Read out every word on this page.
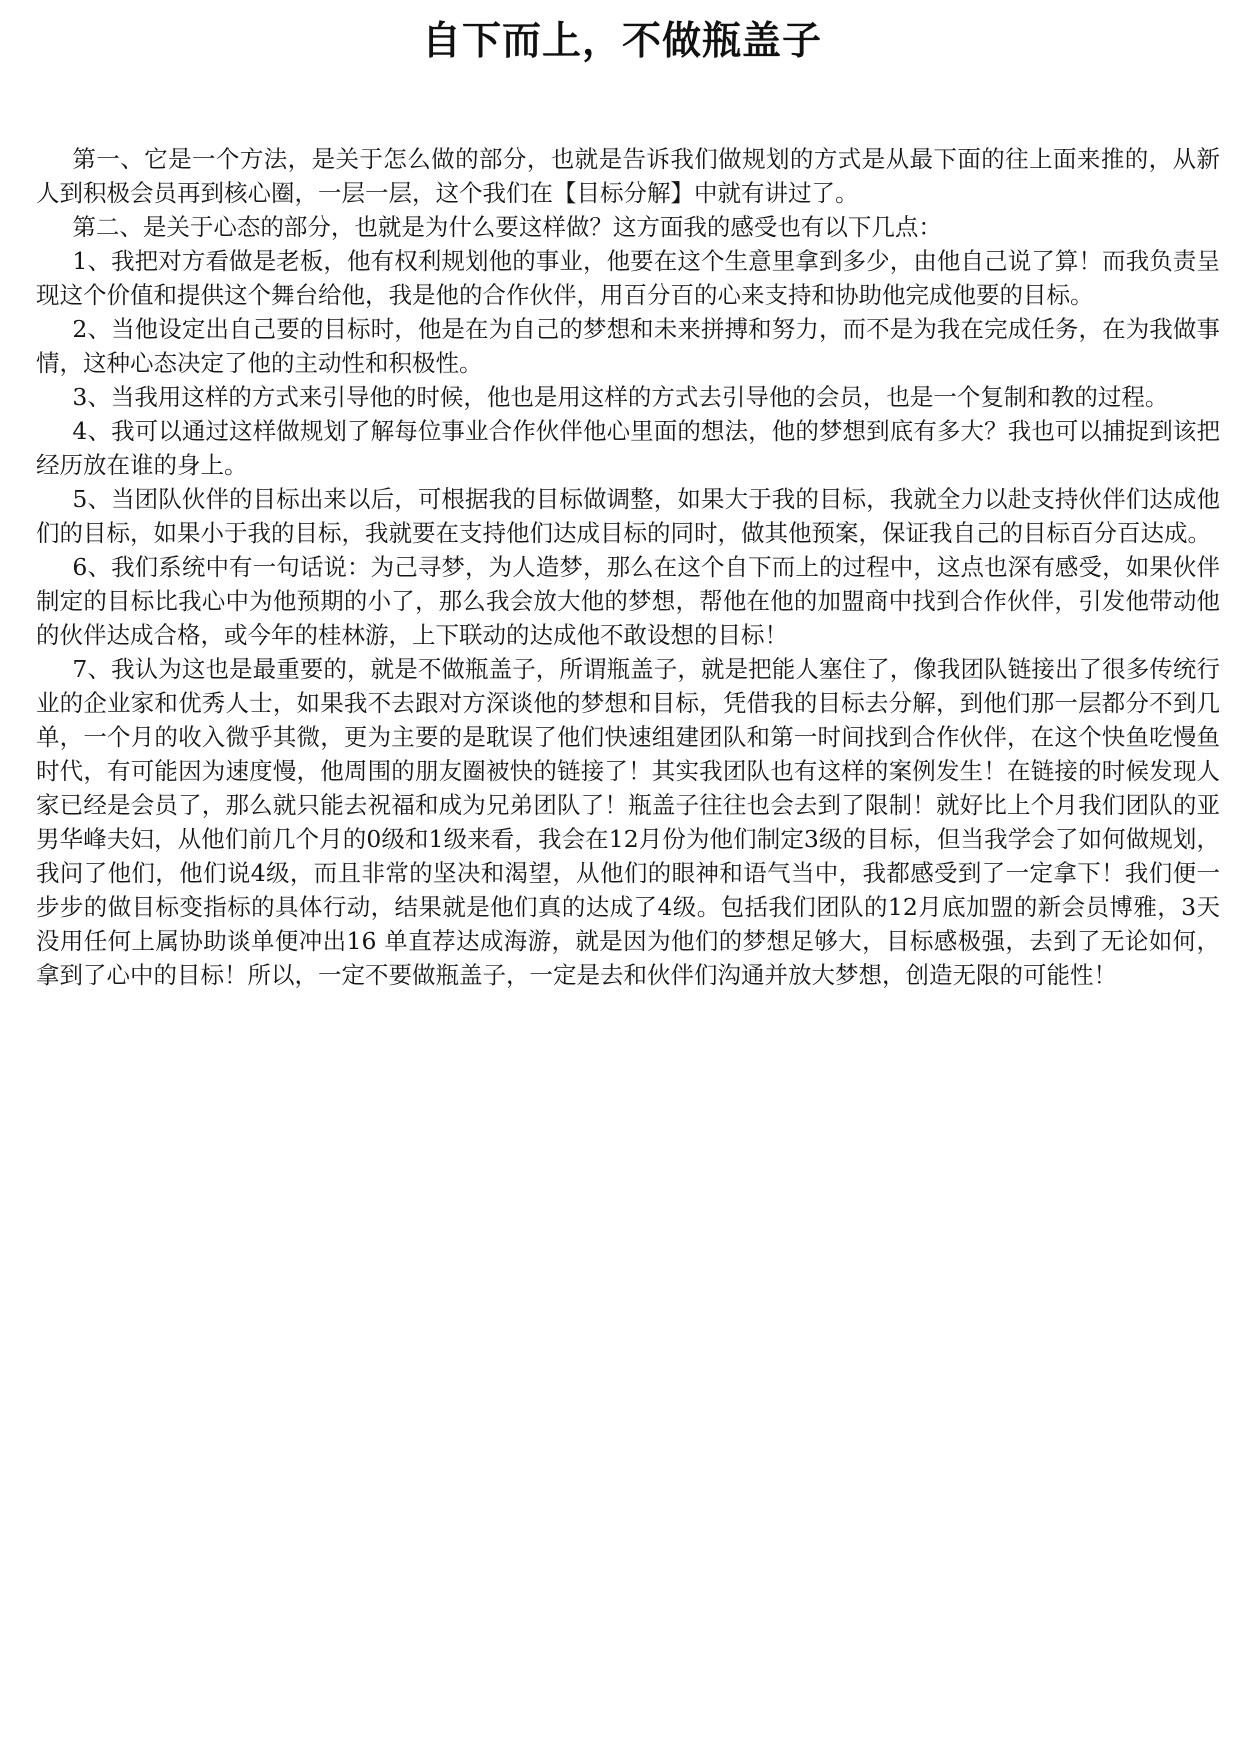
自下而上，不做瓶盖子

第一、它是一个方法，是关于怎么做的部分，也就是告诉我们做规划的方式是从最下面的往上面来推的，从新人到积极会员再到核心圈，一层一层，这个我们在【目标分解】中就有讲过了。

第二、是关于心态的部分，也就是为什么要这样做？这方面我的感受也有以下几点：

1、我把对方看做是老板，他有权利规划他的事业，他要在这个生意里拿到多少，由他自己说了算！而我负责呈现这个价值和提供这个舞台给他，我是他的合作伙伴，用百分百的心来支持和协助他完成他要的目标。

2、当他设定出自己要的目标时，他是在为自己的梦想和未来拼搏和努力，而不是为我在完成任务，在为我做事情，这种心态决定了他的主动性和积极性。

3、当我用这样的方式来引导他的时候，他也是用这样的方式去引导他的会员，也是一个复制和教的过程。

4、我可以通过这样做规划了解每位事业合作伙伴他心里面的想法，他的梦想到底有多大？我也可以捕捉到该把经历放在谁的身上。

5、当团队伙伴的目标出来以后，可根据我的目标做调整，如果大于我的目标，我就全力以赴支持伙伴们达成他们的目标，如果小于我的目标，我就要在支持他们达成目标的同时，做其他预案，保证我自己的目标百分百达成。

6、我们系统中有一句话说：为己寻梦，为人造梦，那么在这个自下而上的过程中，这点也深有感受，如果伙伴制定的目标比我心中为他预期的小了，那么我会放大他的梦想，帮他在他的加盟商中找到合作伙伴，引发他带动他的伙伴达成合格，或今年的桂林游，上下联动的达成他不敢设想的目标！

7、我认为这也是最重要的，就是不做瓶盖子，所谓瓶盖子，就是把能人塞住了，像我团队链接出了很多传统行业的企业家和优秀人士，如果我不去跟对方深谈他的梦想和目标，凭借我的目标去分解，到他们那一层都分不到几单，一个月的收入微乎其微，更为主要的是耽误了他们快速组建团队和第一时间找到合作伙伴，在这个快鱼吃慢鱼时代，有可能因为速度慢，他周围的朋友圈被快的链接了！其实我团队也有这样的案例发生！在链接的时候发现人家已经是会员了，那么就只能去祝福和成为兄弟团队了！瓶盖子往往也会去到了限制！就好比上个月我们团队的亚男华峰夫妇，从他们前几个月的0级和1级来看，我会在12月份为他们制定3级的目标，但当我学会了如何做规划，我问了他们，他们说4级，而且非常的坚决和渴望，从他们的眼神和语气当中，我都感受到了一定拿下！我们便一步步的做目标变指标的具体行动，结果就是他们真的达成了4级。包括我们团队的12月底加盟的新会员博雅，3天没用任何上属协助谈单便冲出16 单直荐达成海游，就是因为他们的梦想足够大，目标感极强，去到了无论如何，拿到了心中的目标！所以，一定不要做瓶盖子，一定是去和伙伴们沟通并放大梦想，创造无限的可能性！
